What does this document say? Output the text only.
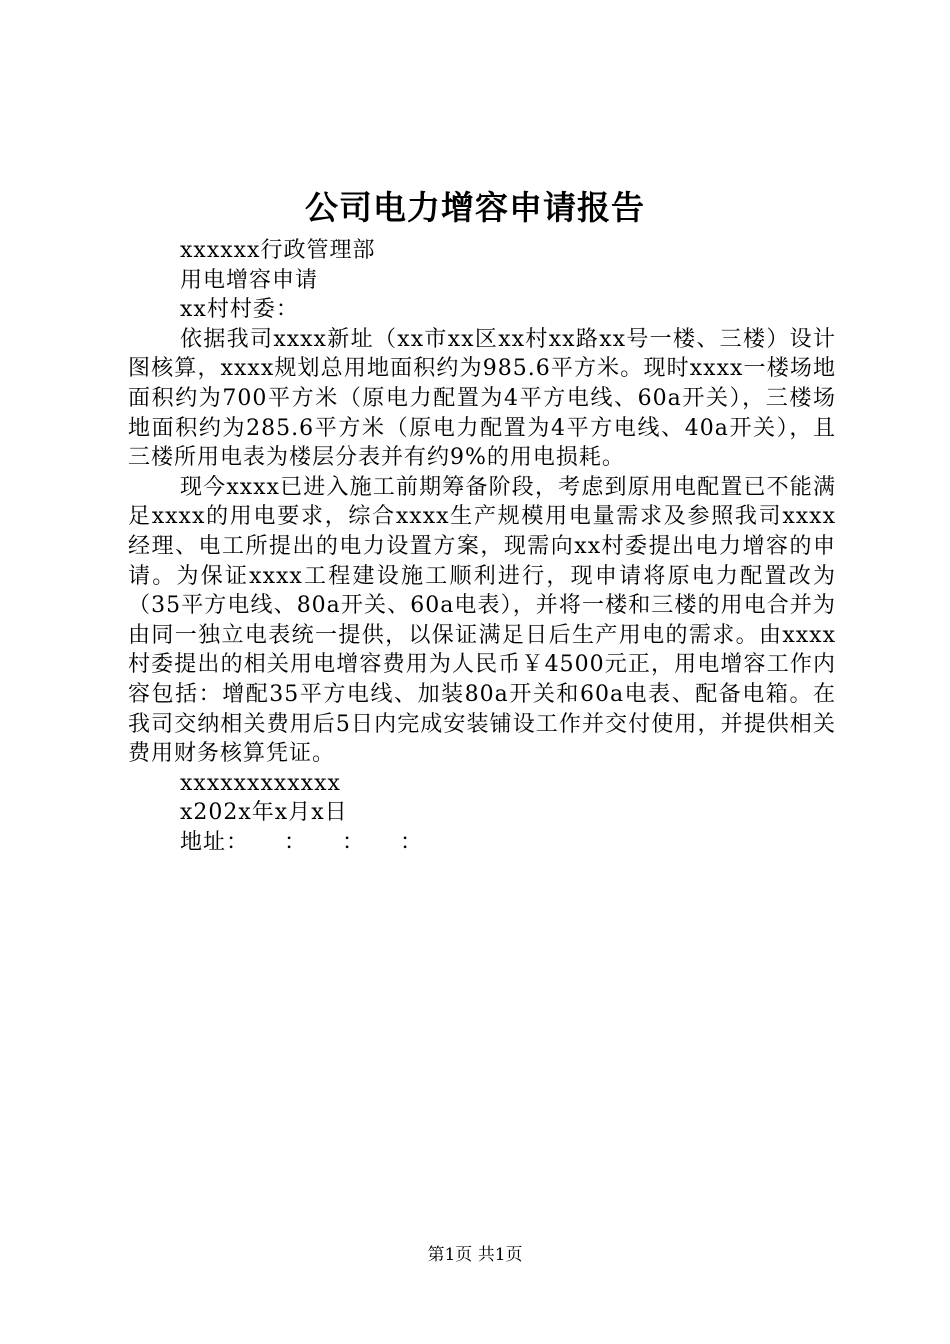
公司电力增容申请报告
xxxxxx行政管理部
用电增容申请
xx村村委：

依据我司xxxx新址（xx市xx区xx村xx路xx号一楼、三楼）设计图核算，xxxx规划总用地面积约为985.6平方米。现时xxxx一楼场地面积约为700平方米（原电力配置为4平方电线、60a开关），三楼场地面积约为285.6平方米（原电力配置为4平方电线、40a开关），且三楼所用电表为楼层分表并有约9%的用电损耗。

现今xxxx已进入施工前期筹备阶段，考虑到原用电配置已不能满足xxxx的用电要求，综合xxxx生产规模用电量需求及参照我司xxxx经理、电工所提出的电力设置方案，现需向xx村委提出电力增容的申请。为保证xxxx工程建设施工顺利进行，现申请将原电力配置改为（35平方电线、80a开关、60a电表），并将一楼和三楼的用电合并为由同一独立电表统一提供，以保证满足日后生产用电的需求。由xxxx村委提出的相关用电增容费用为人民币￥4500元正，用电增容工作内容包括：增配35平方电线、加装80a开关和60a电表、配备电箱。在我司交纳相关费用后5日内完成安装铺设工作并交付使用，并提供相关费用财务核算凭证。

xxxxxxxxxxxx
x202x年x月x日
地址：　　：　　：　　：
第1页 共1页
